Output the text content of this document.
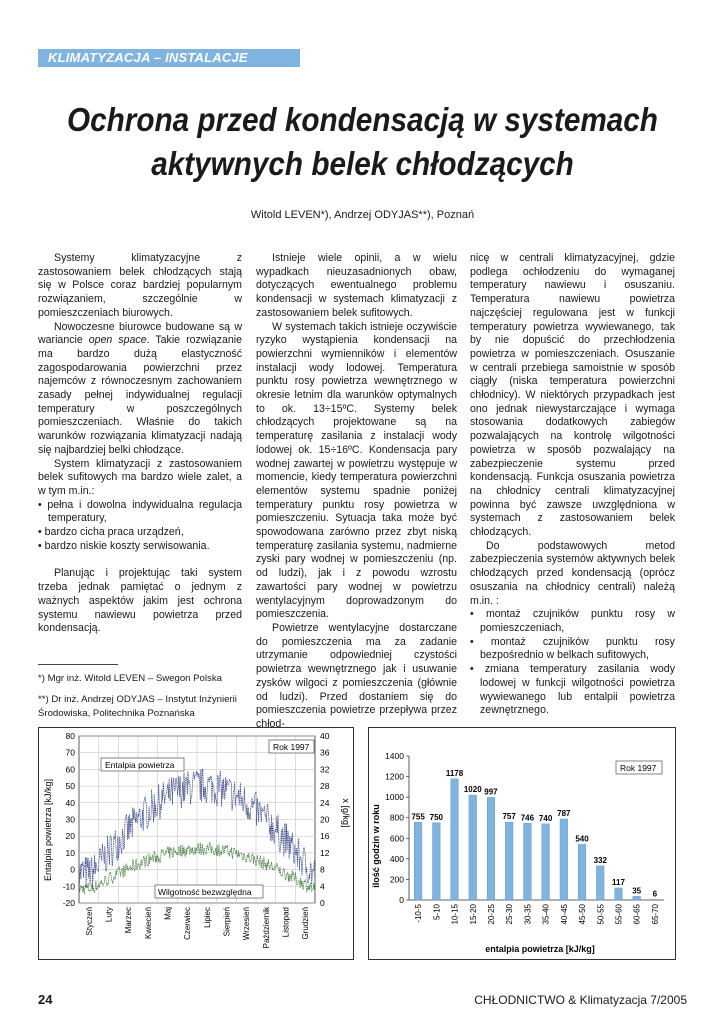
KLIMATYZACJA – INSTALACJE
Ochrona przed kondensacją w systemach
aktywnych belek chłodzących
Witold LEVEN*), Andrzej ODYJAS**), Poznań

Systemy klimatyzacyjne z zastosowaniem belek chłodzących stają się w Polsce coraz bardziej popularnym rozwiązaniem, szczególnie w pomieszczeniach biurowych.

Nowoczesne biurowce budowane są w wariancie open space. Takie rozwiązanie ma bardzo dużą elastyczność zagospodarowania powierzchni przez najemców z równoczesnym zachowaniem zasady pełnej indywidualnej regulacji temperatury w poszczególnych pomieszczeniach. Właśnie do takich warunków rozwiązania klimatyzacji nadają się najbardziej belki chłodzące.

System klimatyzacji z zastosowaniem belek sufitowych ma bardzo wiele zalet, a w tym m.in.:

• pełna i dowolna indywidualna regulacja temperatury,
• bardzo cicha praca urządzeń,
• bardzo niskie koszty serwisowania.

Planując i projektując taki system trzeba jednak pamiętać o jednym z ważnych aspektów jakim jest ochrona systemu nawiewu powietrza przed kondensacją.

*) Mgr inż. Witold LEVEN – Swegon Polska

**) Dr inż. Andrzej ODYJAS – Instytut Inżynierii Środowiska, Politechnika Poznańska

Istnieje wiele opinii, a w wielu wypadkach nieuzasadnionych obaw, dotyczących ewentualnego problemu kondensacji w systemach klimatyzacji z zastosowaniem belek sufitowych.

W systemach takich istnieje oczywiście ryzyko wystąpienia kondensacji na powierzchni wymienników i elementów instalacji wody lodowej. Temperatura punktu rosy powietrza wewnętrznego w okresie letnim dla warunków optymalnych to ok. 13÷15ºC. Systemy belek chłodzących projektowane są na temperaturę zasilania z instalacji wody lodowej ok. 15÷16ºC. Kondensacja pary wodnej zawartej w powietrzu występuje w momencie, kiedy temperatura powierzchni elementów systemu spadnie poniżej temperatury punktu rosy powietrza w pomieszczeniu. Sytuacja taka może być spowodowana zarówno przez zbyt niską temperaturę zasilania systemu, nadmierne zyski pary wodnej w pomieszczeniu (np. od ludzi), jak i z powodu wzrostu zawartości pary wodnej w powietrzu wentylacyjnym doprowadzonym do pomieszczenia.

Powietrze wentylacyjne dostarczane do pomieszczenia ma za zadanie utrzymanie odpowiedniej czystości powietrza wewnętrznego jak i usuwanie zysków wilgoci z pomieszczenia (głównie od ludzi). Przed dostaniem się do pomieszczenia powietrze przepływa przez chłod-

nicę w centrali klimatyzacyjnej, gdzie podlega ochłodzeniu do wymaganej temperatury nawiewu i osuszaniu. Temperatura nawiewu powietrza najczęściej regulowana jest w funkcji temperatury powietrza wywiewanego, tak by nie dopuścić do przechłodzenia powietrza w pomieszczeniach. Osuszanie w centrali przebiega samoistnie w sposób ciągły (niska temperatura powierzchni chłodnicy). W niektórych przypadkach jest ono jednak niewystarczające i wymaga stosowania dodatkowych zabiegów pozwalających na kontrolę wilgotności powietrza w sposób pozwalający na zabezpieczenie systemu przed kondensacją. Funkcja osuszania powietrza na chłodnicy centrali klimatyzacyjnej powinna być zawsze uwzględniona w systemach z zastosowaniem belek chłodzących.

Do podstawowych metod zabezpieczenia systemów aktywnych belek chłodzących przed kondensacją (oprócz osuszania na chłodnicy centrali) należą m.in. :

• montaż czujników punktu rosy w pomieszczeniach,
• montaż czujników punktu rosy bezpośrednio w belkach sufitowych,
• zmiana temperatury zasilania wody lodowej w funkcji wilgotności powietrza wywiewanego lub entalpii powietrza zewnętrznego.
Entalpia powietrza [kJ/kg]	x [g/kg]
80
70
60
50
40
30
20
10
0
-10
-20
40
36
32
28
24
20
16
12
8
4
0
Styczeń Luty Marzec Kwiecień Maj Czerwiec Lipiec Sierpień Wrzesień Październik Listopad Grudzień
Entalpia powietrza
Wilgotność bezwzględna
Rok 1997
ilość godzin w roku
entalpia powietrza [kJ/kg]
1400
1200
1000
800
600
400
200
0
755
-10-5
750
5-10
1178
10-15
1020
15-20
997
20-25
757
25-30
746
30-35
740
35-40
787
40-45
540
45-50
332
50-55
117
55-60
35
60-65
6
65-70
Rok 1997
24	CHŁODNICTWO & Klimatyzacja 7/2005
